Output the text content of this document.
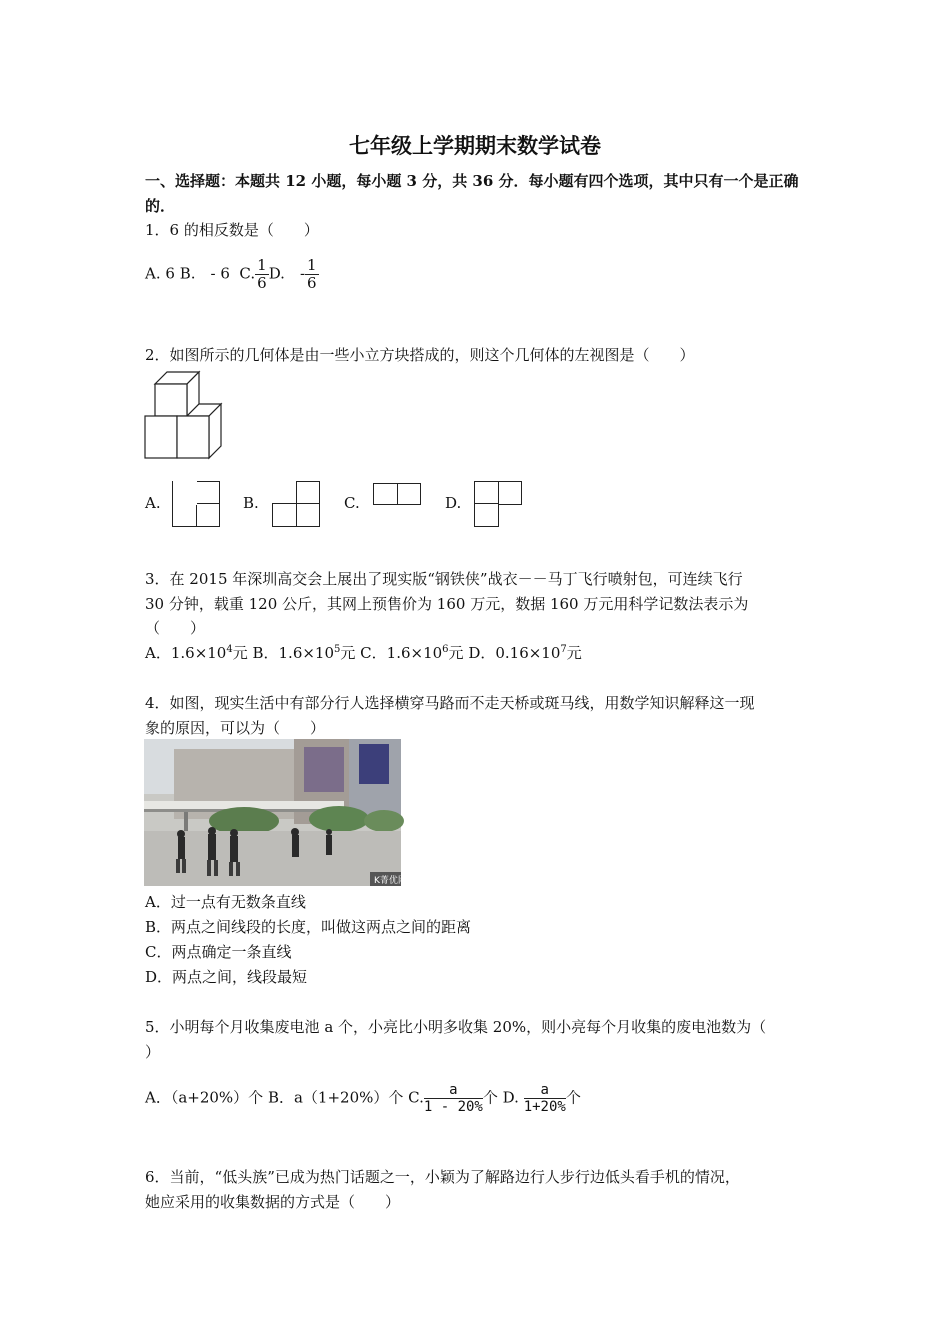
七年级上学期期末数学试卷
一、选择题：本题共 12 小题，每小题 3 分，共 36 分．每小题有四个选项，其中只有一个是正确
的．
1．6 的相反数是（　　）
A. 6 B.　- 6 C. $\frac{1}{6} D$.　- $\frac{1}{6}$
2．如图所示的几何体是由一些小立方块搭成的，则这个几何体的左视图是（　　）
A.	B.	C.	D.
3．在 2015 年深圳高交会上展出了现实版“钢铁侠”战衣－－马丁飞行喷射包，可连续飞行
30 分钟，载重 120 公斤，其网上预售价为 160 万元，数据 160 万元用科学记数法表示为
（　　）
A．$1.6\times 10^4$元 B．$1.6\times 10^5$元 C．$1.6\times 10^6$元 D．$0.16\times 10^7$元
4．如图，现实生活中有部分行人选择横穿马路而不走天桥或斑马线，用数学知识解释这一现
象的原因，可以为（　　）
K菁优网
A．过一点有无数条直线
B．两点之间线段的长度，叫做这两点之间的距离
C．两点确定一条直线
D．两点之间，线段最短
5．小明每个月收集废电池 a 个，小亮比小明多收集 20%，则小亮每个月收集的废电池数为（
）
A．（a+20%）个 B．a（1+20%）个 C. $\frac{a}{1 - 20\%}$ 个 D. $\frac{a}{1+20\%}$ 个
6．当前，“低头族”已成为热门话题之一，小颖为了解路边行人步行边低头看手机的情况，
她应采用的收集数据的方式是（　　）
